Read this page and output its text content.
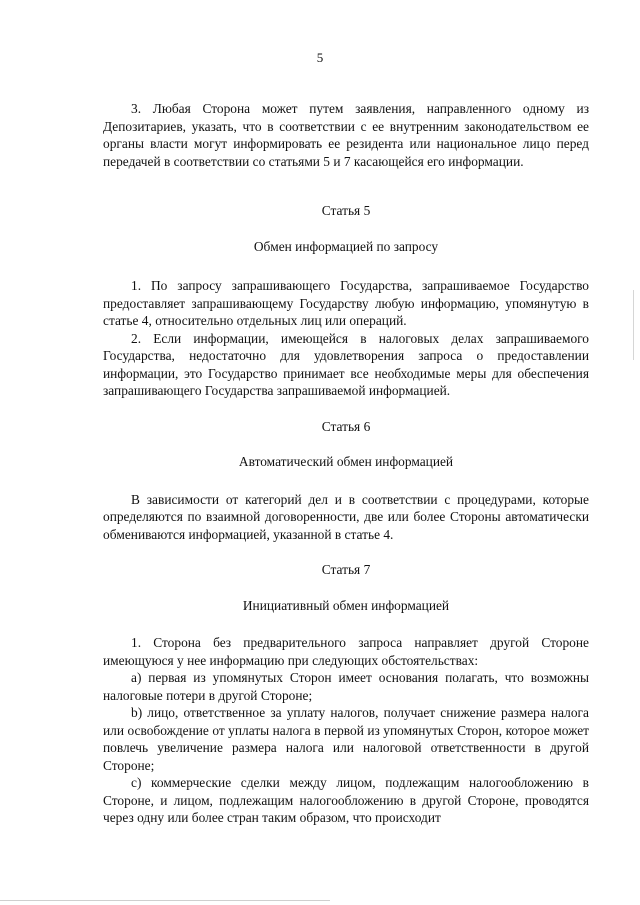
5

3. Любая Сторона может путем заявления, направленного одному из Депозитариев, указать, что в соответствии с ее внутренним законодательством ее органы власти могут информировать ее резидента или национальное лицо перед передачей в соответствии со статьями 5 и 7 касающейся его информации.

Статья 5

Обмен информацией по запросу

1. По запросу запрашивающего Государства, запрашиваемое Государство предоставляет запрашивающему Государству любую информацию, упомянутую в статье 4, относительно отдельных лиц или операций.

2. Если информации, имеющейся в налоговых делах запрашиваемого Государства, недостаточно для удовлетворения запроса о предоставлении информации, это Государство принимает все необходимые меры для обеспечения запрашивающего Государства запрашиваемой информацией.

Статья 6

Автоматический обмен информацией

В зависимости от категорий дел и в соответствии с процедурами, которые определяются по взаимной договоренности, две или более Стороны автоматически обмениваются информацией, указанной в статье 4.

Статья 7

Инициативный обмен информацией

1. Сторона без предварительного запроса направляет другой Стороне имеющуюся у нее информацию при следующих обстоятельствах:

a) первая из упомянутых Сторон имеет основания полагать, что возможны налоговые потери в другой Стороне;

b) лицо, ответственное за уплату налогов, получает снижение размера налога или освобождение от уплаты налога в первой из упомянутых Сторон, которое может повлечь увеличение размера налога или налоговой ответственности в другой Стороне;

c) коммерческие сделки между лицом, подлежащим налогообложению в Стороне, и лицом, подлежащим налогообложению в другой Стороне, проводятся через одну или более стран таким образом, что происходит
